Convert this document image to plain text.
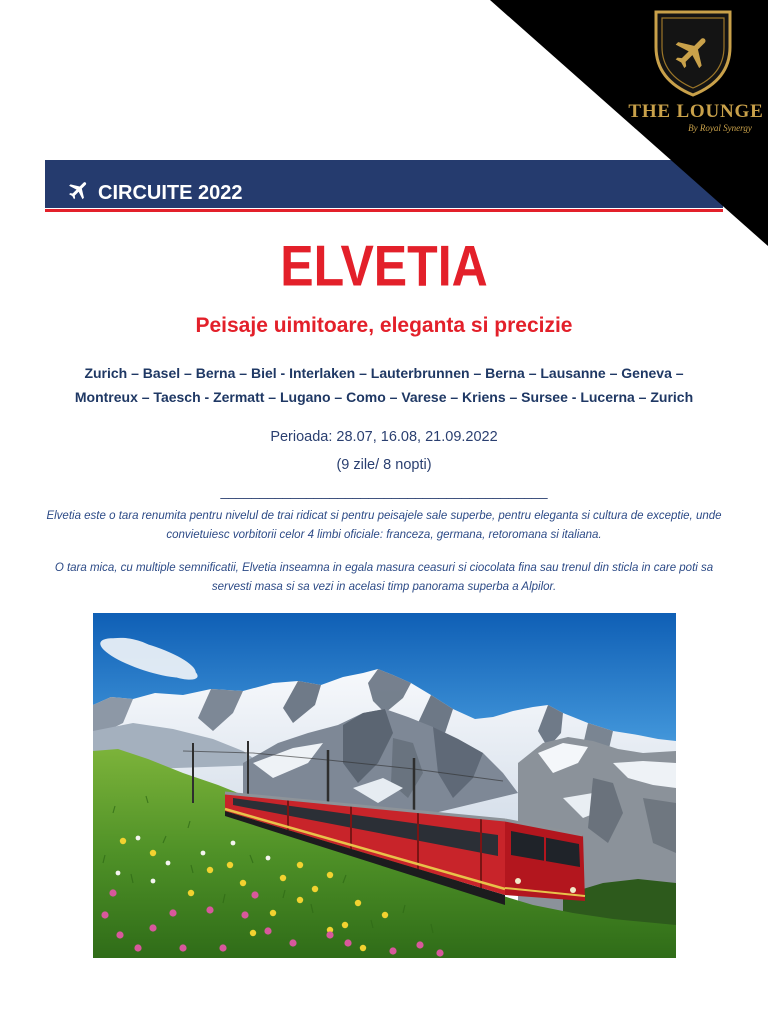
THE LOUNGE
By Royal Synergy
CIRCUITE 2022
ELVETIA
Peisaje uimitoare, eleganta si precizie
Zurich – Basel – Berna – Biel - Interlaken – Lauterbrunnen – Berna – Lausanne – Geneva –
Montreux – Taesch - Zermatt – Lugano – Como – Varese – Kriens – Sursee - Lucerna – Zurich
Perioada: 28.07, 16.08, 21.09.2022
(9 zile/ 8 nopti)
__________________________________________

Elvetia este o tara renumita pentru nivelul de trai ridicat si pentru peisajele sale superbe, pentru eleganta si cultura de exceptie, unde convietuiesc vorbitorii celor 4 limbi oficiale: franceza, germana, retoromana si italiana.

O tara mica, cu multiple semnificatii, Elvetia inseamna in egala masura ceasuri si ciocolata fina sau trenul din sticla in care poti sa servesti masa si sa vezi in acelasi timp panorama superba a Alpilor.
